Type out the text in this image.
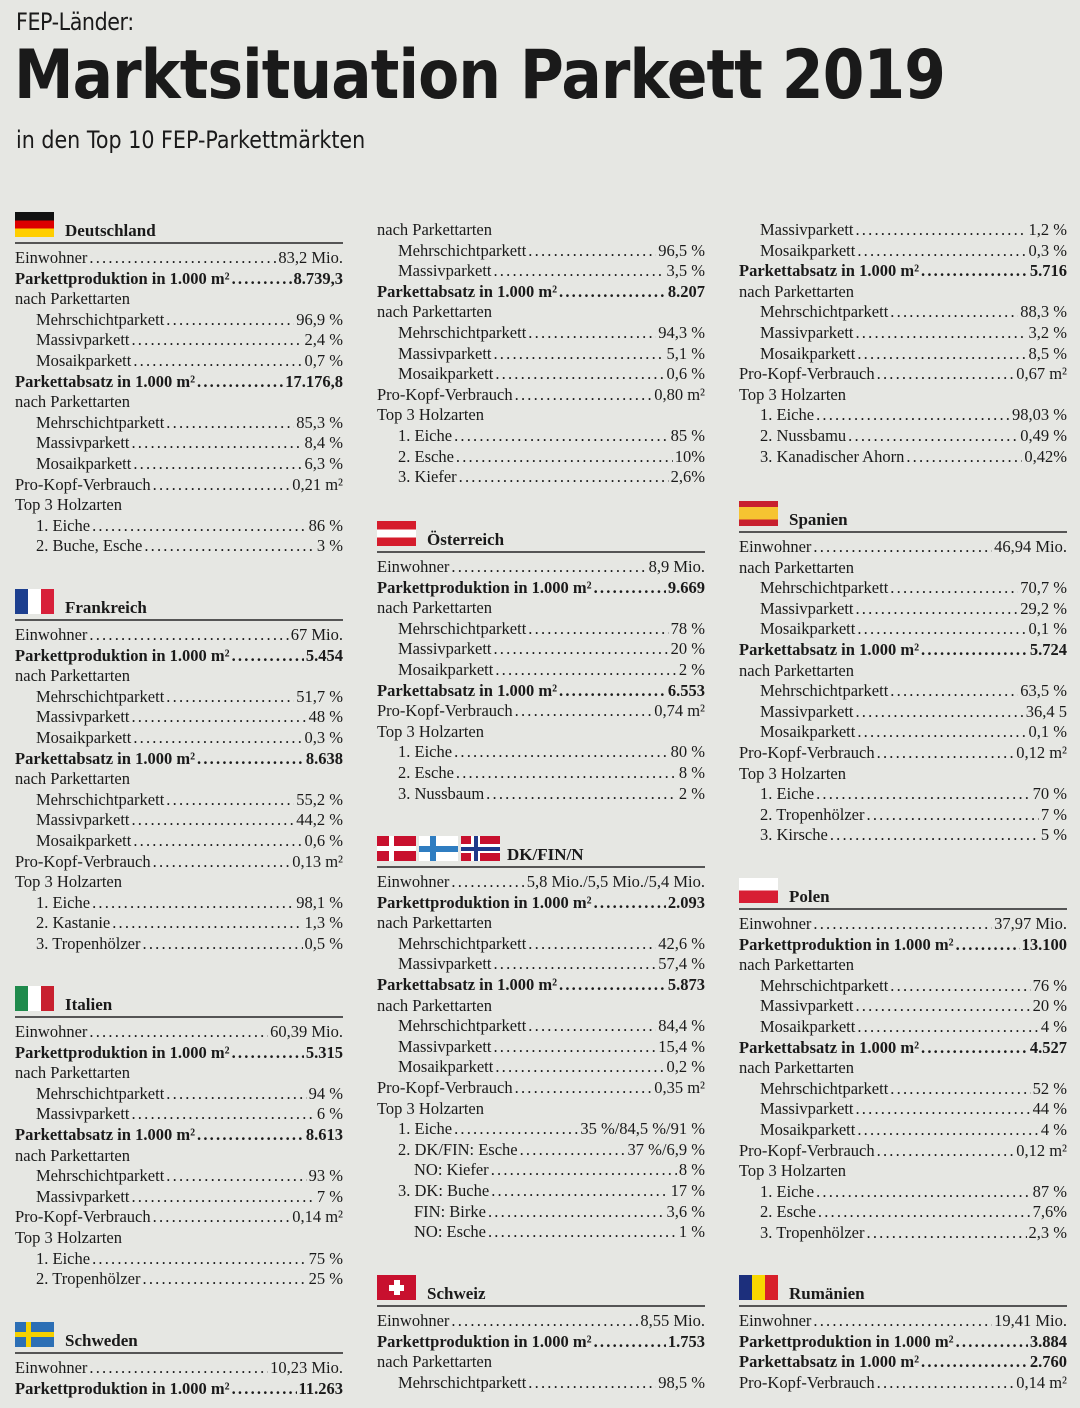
FEP-Länder:
Marktsituation Parkett 2019
in den Top 10 FEP-Parkettmärkten
Deutschland
Einwohner .....	83,2 Mio.
Parkettproduktion in 1.000 m² .....	8.739,3
nach Parkettarten
Mehrschichtparkett .....	96,9 %
Massivparkett .....	2,4 %
Mosaikparkett .....	0,7 %
Parkettabsatz in 1.000 m² .....	17.176,8
nach Parkettarten
Mehrschichtparkett .....	85,3 %
Massivparkett .....	8,4 %
Mosaikparkett .....	6,3 %
Pro-Kopf-Verbrauch .....	0,21 m²
Top 3 Holzarten
1. Eiche .....	86 %
2. Buche, Esche .....	3 %
Frankreich
Einwohner .....	67 Mio.
Parkettproduktion in 1.000 m² .....	5.454
nach Parkettarten
Mehrschichtparkett .....	51,7 %
Massivparkett .....	48 %
Mosaikparkett .....	0,3 %
Parkettabsatz in 1.000 m² .....	8.638
nach Parkettarten
Mehrschichtparkett .....	55,2 %
Massivparkett .....	44,2 %
Mosaikparkett .....	0,6 %
Pro-Kopf-Verbrauch .....	0,13 m²
Top 3 Holzarten
1. Eiche .....	98,1 %
2. Kastanie .....	1,3 %
3. Tropenhölzer .....	0,5 %
Italien
Einwohner .....	60,39 Mio.
Parkettproduktion in 1.000 m² .....	5.315
nach Parkettarten
Mehrschichtparkett .....	94 %
Massivparkett .....	6 %
Parkettabsatz in 1.000 m² .....	8.613
nach Parkettarten
Mehrschichtparkett .....	93 %
Massivparkett .....	7 %
Pro-Kopf-Verbrauch .....	0,14 m²
Top 3 Holzarten
1. Eiche .....	75 %
2. Tropenhölzer .....	25 %
Schweden
Einwohner .....	10,23 Mio.
Parkettproduktion in 1.000 m² .....	11.263
nach Parkettarten
Mehrschichtparkett .....	96,5 %
Massivparkett .....	3,5 %
Parkettabsatz in 1.000 m² .....	8.207
nach Parkettarten
Mehrschichtparkett .....	94,3 %
Massivparkett .....	5,1 %
Mosaikparkett .....	0,6 %
Pro-Kopf-Verbrauch .....	0,80 m²
Top 3 Holzarten
1. Eiche .....	85 %
2. Esche .....	10%
3. Kiefer .....	2,6%
Österreich
Einwohner .....	8,9 Mio.
Parkettproduktion in 1.000 m² .....	9.669
nach Parkettarten
Mehrschichtparkett .....	78 %
Massivparkett .....	20 %
Mosaikparkett .....	2 %
Parkettabsatz in 1.000 m² .....	6.553
Pro-Kopf-Verbrauch .....	0,74 m²
Top 3 Holzarten
1. Eiche .....	80 %
2. Esche .....	8 %
3. Nussbaum .....	2 %
DK/FIN/N
Einwohner .....	5,8 Mio./5,5 Mio./5,4 Mio.
Parkettproduktion in 1.000 m² .....	2.093
nach Parkettarten
Mehrschichtparkett .....	42,6 %
Massivparkett .....	57,4 %
Parkettabsatz in 1.000 m² .....	5.873
nach Parkettarten
Mehrschichtparkett .....	84,4 %
Massivparkett .....	15,4 %
Mosaikparkett .....	0,2 %
Pro-Kopf-Verbrauch .....	0,35 m²
Top 3 Holzarten
1. Eiche .....	35 %/84,5 %/91 %
2. DK/FIN: Esche .....	37 %/6,9 %
NO: Kiefer .....	8 %
3. DK: Buche .....	17 %
FIN: Birke .....	3,6 %
NO: Esche .....	1 %
Schweiz
Einwohner .....	8,55 Mio.
Parkettproduktion in 1.000 m² .....	1.753
nach Parkettarten
Mehrschichtparkett .....	98,5 %
Massivparkett .....	1,2 %
Mosaikparkett .....	0,3 %
Parkettabsatz in 1.000 m² .....	5.716
nach Parkettarten
Mehrschichtparkett .....	88,3 %
Massivparkett .....	3,2 %
Mosaikparkett .....	8,5 %
Pro-Kopf-Verbrauch .....	0,67 m²
Top 3 Holzarten
1. Eiche .....	98,03 %
2. Nussbamu .....	0,49 %
3. Kanadischer Ahorn .....	0,42%
Spanien
Einwohner .....	46,94 Mio.
nach Parkettarten
Mehrschichtparkett .....	70,7 %
Massivparkett .....	29,2 %
Mosaikparkett .....	0,1 %
Parkettabsatz in 1.000 m² .....	5.724
nach Parkettarten
Mehrschichtparkett .....	63,5 %
Massivparkett .....	36,4 5
Mosaikparkett .....	0,1 %
Pro-Kopf-Verbrauch .....	0,12 m²
Top 3 Holzarten
1. Eiche .....	70 %
2. Tropenhölzer .....	7 %
3. Kirsche .....	5 %
Polen
Einwohner .....	37,97 Mio.
Parkettproduktion in 1.000 m² .....	13.100
nach Parkettarten
Mehrschichtparkett .....	76 %
Massivparkett .....	20 %
Mosaikparkett .....	4 %
Parkettabsatz in 1.000 m² .....	4.527
nach Parkettarten
Mehrschichtparkett .....	52 %
Massivparkett .....	44 %
Mosaikparkett .....	4 %
Pro-Kopf-Verbrauch .....	0,12 m²
Top 3 Holzarten
1. Eiche .....	87 %
2. Esche .....	7,6%
3. Tropenhölzer .....	2,3 %
Rumänien
Einwohner .....	19,41 Mio.
Parkettproduktion in 1.000 m² .....	3.884
Parkettabsatz in 1.000 m² .....	2.760
Pro-Kopf-Verbrauch .....	0,14 m²
